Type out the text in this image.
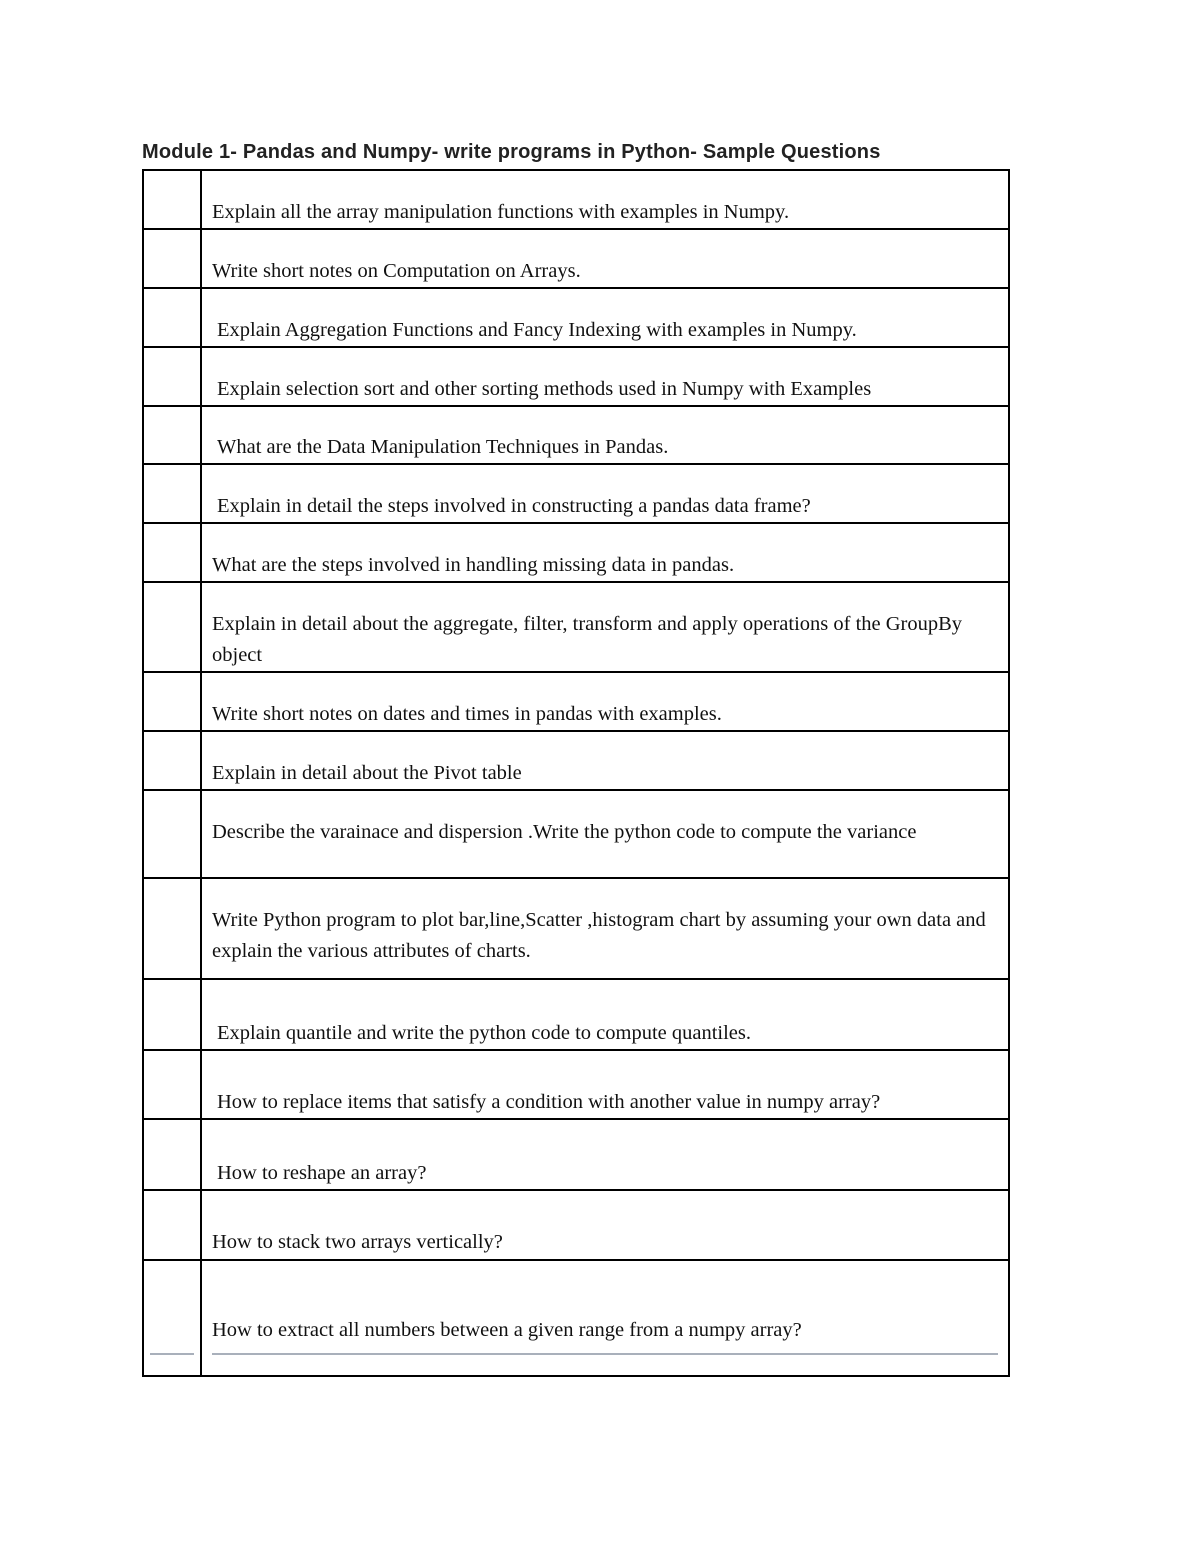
Module 1- Pandas and Numpy- write programs in Python- Sample Questions

	Explain all the array manipulation functions with examples in Numpy.

	Write short notes on Computation on Arrays.

	Explain Aggregation Functions and Fancy Indexing with examples in Numpy.

	Explain selection sort and other sorting methods used in Numpy with Examples

	What are the Data Manipulation Techniques in Pandas.

	Explain in detail the steps involved in constructing a pandas data frame?

	What are the steps involved in handling missing data in pandas.

	Explain in detail about the aggregate, filter, transform and apply operations of the GroupBy object

	Write short notes on dates and times in pandas with examples.

	Explain in detail about the Pivot table

	Describe the varainace and dispersion .Write the python code to compute the variance

	Write Python program to plot bar,line,Scatter ,histogram chart by assuming your own data and explain the various attributes of charts.

	Explain quantile and write the python code to compute quantiles.

	How to replace items that satisfy a condition with another value in numpy array?

	How to reshape an array?

	How to stack two arrays vertically?

	How to extract all numbers between a given range from a numpy array?
